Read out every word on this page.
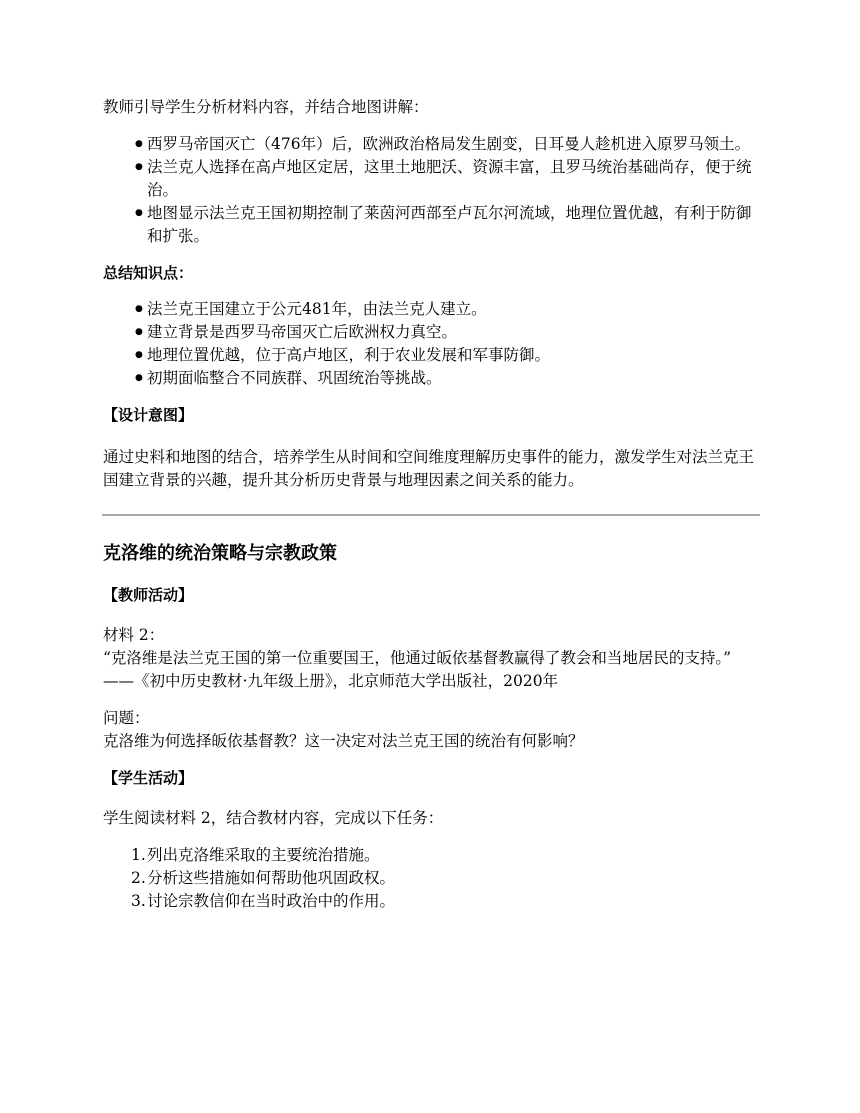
教师引导学生分析材料内容，并结合地图讲解：

● 西罗马帝国灭亡（476年）后，欧洲政治格局发生剧变，日耳曼人趁机进入原罗马领土。
● 法兰克人选择在高卢地区定居，这里土地肥沃、资源丰富，且罗马统治基础尚存，便于统治。
● 地图显示法兰克王国初期控制了莱茵河西部至卢瓦尔河流域，地理位置优越，有利于防御和扩张。

总结知识点：

● 法兰克王国建立于公元481年，由法兰克人建立。
● 建立背景是西罗马帝国灭亡后欧洲权力真空。
● 地理位置优越，位于高卢地区，利于农业发展和军事防御。
● 初期面临整合不同族群、巩固统治等挑战。

【设计意图】

通过史料和地图的结合，培养学生从时间和空间维度理解历史事件的能力，激发学生对法兰克王国建立背景的兴趣，提升其分析历史背景与地理因素之间关系的能力。

克洛维的统治策略与宗教政策

【教师活动】

材料 2：

“克洛维是法兰克王国的第一位重要国王，他通过皈依基督教赢得了教会和当地居民的支持。”

——《初中历史教材·九年级上册》，北京师范大学出版社，2020年

问题：

克洛维为何选择皈依基督教？这一决定对法兰克王国的统治有何影响？

【学生活动】

学生阅读材料 2，结合教材内容，完成以下任务：

1. 列出克洛维采取的主要统治措施。
2. 分析这些措施如何帮助他巩固政权。
3. 讨论宗教信仰在当时政治中的作用。
